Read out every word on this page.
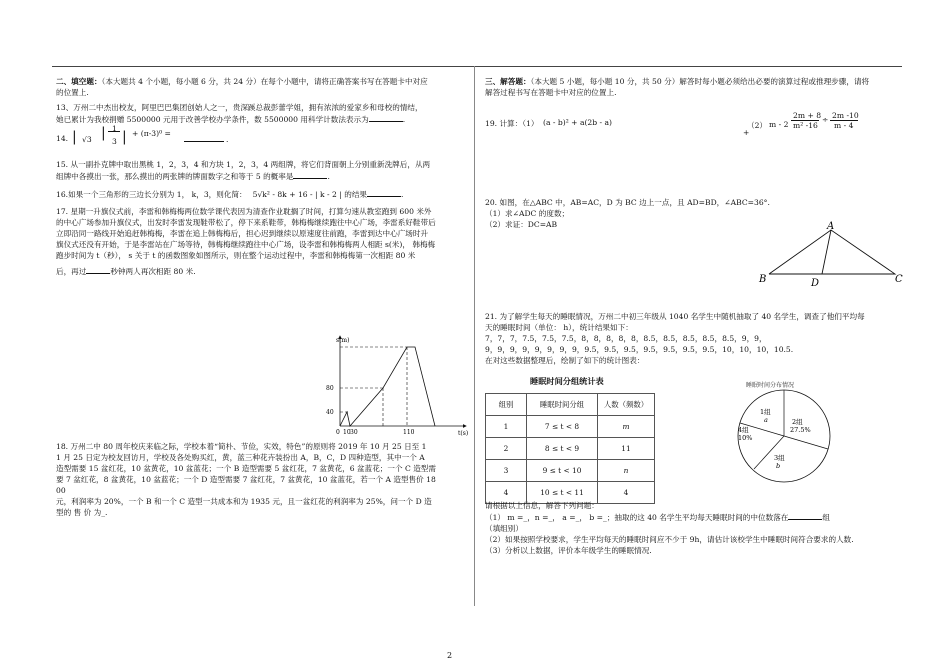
二、填空题：（本大题共 4 个小题，每小题 6 分，共 24 分）在每个小题中，请将正确答案书写在答题卡中对应

的位置上.

13、万州二中杰出校友，阿里巴巴集团创始人之一，贵深蹊总裁彭蕾学姐，拥有浓浓的爱家乡和母校的情结，

她已累计为我校捐赠 5500000 元用于改善学校办学条件，数 5500000 用科学计数法表示为	.

14. | √3 | 1
3 | + (π-3)⁰ =
.

15. 从一副扑克牌中取出黑桃 1，2，3，4 和方块 1，2，3，4 两组牌，将它们背面朝上分别重新洗牌后，从两

组牌中各摸出一张，那么摸出的两张牌的牌面数字之和等于 5 的概率是	.

16.如果一个三角形的三边长分别为 1， k，3，则化简： 5√k² - 8k + 16 - | k - 2 | 的结果	.

17. 星期一升旗仪式前，李雷和韩梅梅两位数学课代表因为清查作业耽搁了时间，打算匀速从教室跑到 600 米外

的中心广场参加升旗仪式，出发时李雷发现鞋带松了，停下来系鞋带，韩梅梅继续跑往中心广场，李雷系好鞋带后

立即沿同一路线开始追赶韩梅梅，李雷在追上韩梅梅后，担心迟到继续以原速度往前跑，李雷到达中心广场时升

旗仪式还没有开始，于是李雷站在广场等待，韩梅梅继续跑往中心广场，设李雷和韩梅梅两人相距 s(米)， 韩梅梅

跑步时间为 t（秒）， s 关于 t 的函数图象如图所示，则在整个运动过程中，李雷和韩梅梅第一次相距 80 米

后，再过	秒钟两人再次相距 80 米.

s(m)
t(s)
80
40
0 10 30	110

18. 万州二中 80 周年校庆来临之际，学校本着“简朴、节俭，实效，特色”的原则将 2019 年 10 月 25 日至 1

1 月 25 日定为校友回访月，学校及各处购买红，黄，蓝三种花卉装扮出 A，B，C，D 四种造型，其中一个 A

造型需要 15 盆红花，10 盆黄花，10 盆蓝花；一个 B 造型需要 5 盆红花，7 盆黄花，6 盆蓝花；一个 C 造型需

要 7 盆红花，8 盆黄花，10 盆蓝花；一个 D 造型需要 7 盆红花，7 盆黄花，10 盆蓝花，若一个 A 造型售价 18

00

元，利润率为 20%，一个 B 和一个 C 造型一共成本和为 1935 元，且一盆红花的利润率为 25%，问一个 D 造

型的 售 价 为_.

三、解答题：（本大题 5 小题，每小题 10 分，共 50 分）解答时每小题必须给出必要的演算过程或推理步骤，请将

解答过程书写在答题卡中对应的位置上.

19. 计算：（1） (a - b)² + a(2b - a)	（2） m - 2
2m + 8
m² -16
÷ 2m -10
m - 4
+

20. 如图，在△ABC 中，AB=AC，D 为 BC 边上一点，且 AD=BD，∠ABC=36°.

（1）求∠ADC 的度数；

（2）求证：DC=AB	A
B	C
D

21. 为了解学生每天的睡眠情况，万州二中初三年级从 1040 名学生中随机抽取了 40 名学生，调查了他们平均每

天的睡眠时间（单位： h），统计结果如下：

7，7，7，7.5，7.5，7.5，8，8，8，8，8，8.5，8.5，8.5，8.5，8.5，9，9，

9，9，9，9，9，9，9，9，9.5，9.5，9.5，9.5，9.5，9.5，9.5，10，10，10，10.5.

在对这些数据整理后，绘制了如下的统计图表：

睡眠时间分组统计表
组别	睡眠时间分组	人数（频数）
1	7 ≤ t < 8	m
2	8 ≤ t < 9	11
3	9 ≤ t < 10	n
4	10 ≤ t < 11	4
睡眠时间分布情况
1组
a	2组
27.5%
4组
10%
3组
b

请根据以上信息，解答下列问题：

（1） m =_，n =_， a =_， b =_；抽取的这 40 名学生平均每天睡眠时间的中位数落在	组

（填组别）

（2）如果按照学校要求，学生平均每天的睡眠时间应不少于 9h，请估计该校学生中睡眠时间符合要求的人数.

（3）分析以上数据，评价本年级学生的睡眠情况.

2
